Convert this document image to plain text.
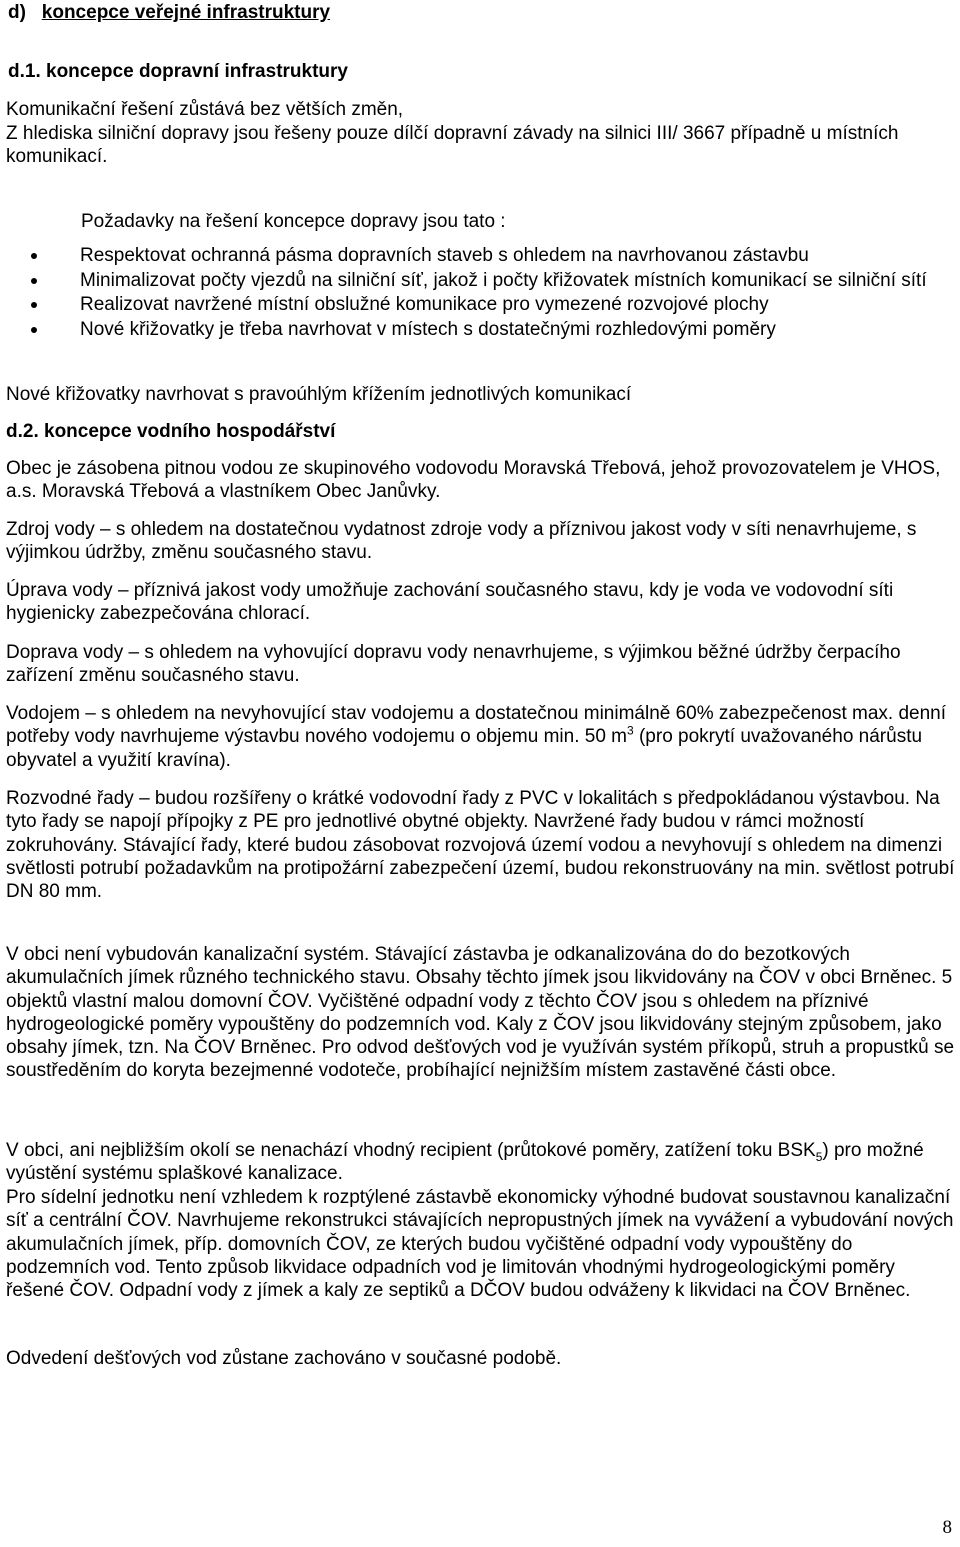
d) koncepce veřejné infrastruktury
d.1. koncepce dopravní infrastruktury

Komunikační řešení zůstává bez větších změn,

Z hlediska silniční dopravy jsou řešeny pouze dílčí dopravní závady na silnici III/ 3667 případně u místních komunikací.

Požadavky na řešení koncepce dopravy jsou tato :
Respektovat ochranná pásma dopravních staveb s ohledem na navrhovanou zástavbu
Minimalizovat počty vjezdů na silniční síť, jakož i počty křižovatek místních komunikací se silniční sítí
Realizovat navržené místní obslužné komunikace pro vymezené rozvojové plochy
Nové křižovatky je třeba navrhovat v místech s dostatečnými rozhledovými poměry

Nové křižovatky navrhovat s pravoúhlým křížením jednotlivých komunikací

d.2. koncepce vodního hospodářství

Obec je zásobena pitnou vodou ze skupinového vodovodu Moravská Třebová, jehož provozovatelem je VHOS, a.s. Moravská Třebová a vlastníkem Obec Janůvky.

Zdroj vody – s ohledem na dostatečnou vydatnost zdroje vody a příznivou jakost vody v síti nenavrhujeme, s výjimkou údržby, změnu současného stavu.

Úprava vody – příznivá jakost vody umožňuje zachování současného stavu, kdy je voda ve vodovodní síti hygienicky zabezpečována chlorací.

Doprava vody – s ohledem na vyhovující dopravu vody nenavrhujeme, s výjimkou běžné údržby čerpacího zařízení změnu současného stavu.

Vodojem – s ohledem na nevyhovující stav vodojemu a dostatečnou minimálně 60% zabezpečenost max. denní potřeby vody navrhujeme výstavbu nového vodojemu o objemu min. 50 $m^3$ (pro pokrytí uvažovaného nárůstu obyvatel a využití kravína).

Rozvodné řady – budou rozšířeny o krátké vodovodní řady z PVC v lokalitách s předpokládanou výstavbou. Na tyto řady se napojí přípojky z PE pro jednotlivé obytné objekty. Navržené řady budou v rámci možností zokruhovány. Stávající řady, které budou zásobovat rozvojová území vodou a nevyhovují s ohledem na dimenzi světlosti potrubí požadavkům na protipožární zabezpečení území, budou rekonstruovány na min. světlost potrubí DN 80 mm.

V obci není vybudován kanalizační systém. Stávající zástavba je odkanalizována do do bezotkových akumulačních jímek různého technického stavu. Obsahy těchto jímek jsou likvidovány na ČOV v obci Brněnec. 5 objektů vlastní malou domovní ČOV. Vyčištěné odpadní vody z těchto ČOV jsou s ohledem na příznivé hydrogeologické poměry vypouštěny do podzemních vod. Kaly z ČOV jsou likvidovány stejným způsobem, jako obsahy jímek, tzn. Na ČOV Brněnec. Pro odvod dešťových vod je využíván systém příkopů, struh a propustků se soustředěním do koryta bezejmenné vodoteče, probíhající nejnižším místem zastavěné části obce.

V obci, ani nejbližším okolí se nenachází vhodný recipient (průtokové poměry, zatížení toku $BSK_5$) pro možné vyústění systému splaškové kanalizace.

Pro sídelní jednotku není vzhledem k rozptýlené zástavbě ekonomicky výhodné budovat soustavnou kanalizační síť a centrální ČOV. Navrhujeme rekonstrukci stávajících nepropustných jímek na vyvážení a vybudování nových akumulačních jímek, příp. domovních ČOV, ze kterých budou vyčištěné odpadní vody vypouštěny do podzemních vod. Tento způsob likvidace odpadních vod je limitován vhodnými hydrogeologickými poměry řešené ČOV. Odpadní vody z jímek a kaly ze septiků a DČOV budou odváženy k likvidaci na ČOV Brněnec.

Odvedení dešťových vod zůstane zachováno v současné podobě.

8
